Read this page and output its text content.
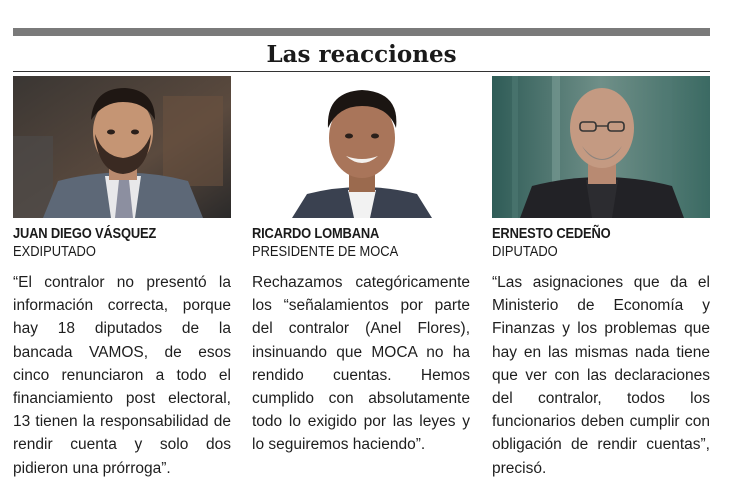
Las reacciones
JUAN DIEGO VÁSQUEZ
EXDIPUTADO
“El contralor no presentó la información correcta, porque hay 18 diputados de la bancada VAMOS, de esos cinco renunciaron a todo el financiamiento post electoral, 13 tienen la responsabilidad de rendir cuenta y solo dos pidieron una prórroga”.
RICARDO LOMBANA
PRESIDENTE DE MOCA
Rechazamos categóricamente los “señalamientos por parte del contralor (Anel Flores), insinuando que MOCA no ha rendido cuentas. Hemos cumplido con absolutamente todo lo exigido por las leyes y lo seguiremos haciendo”.
ERNESTO CEDEÑO
DIPUTADO
“Las asignaciones que da el Ministerio de Economía y Finanzas y los problemas que hay en las mismas nada tiene que ver con las declaraciones del contralor, todos los funcionarios deben cumplir con obligación de rendir cuentas”, precisó.
